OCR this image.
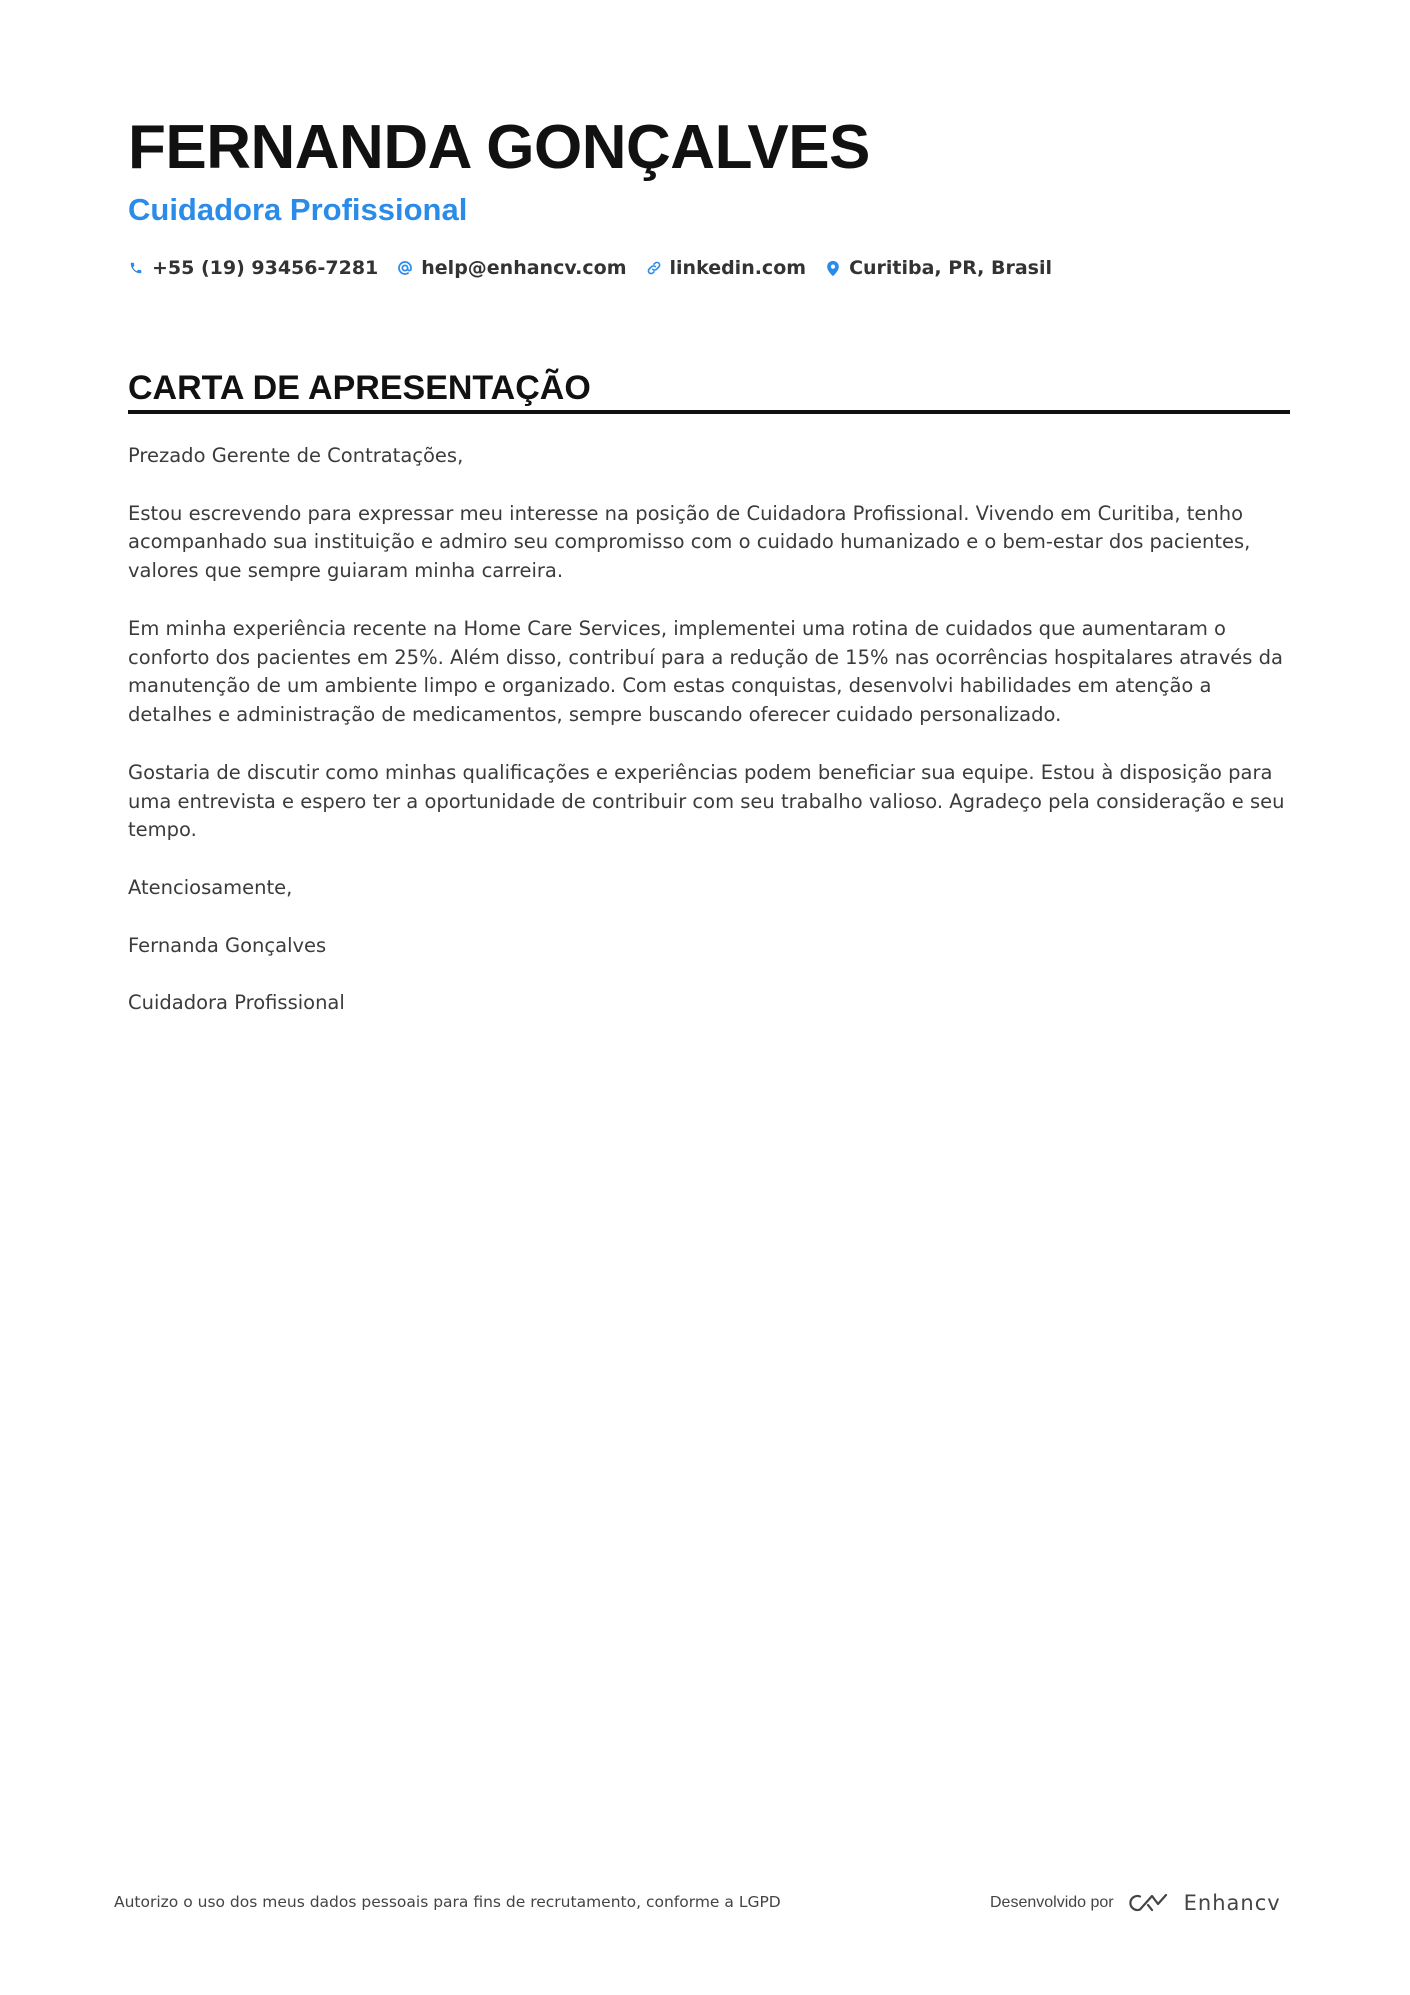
FERNANDA GONÇALVES
Cuidadora Profissional
+55 (19) 93456-7281 help@enhancv.com linkedin.com Curitiba, PR, Brasil
CARTA DE APRESENTAÇÃO

Prezado Gerente de Contratações,

Estou escrevendo para expressar meu interesse na posição de Cuidadora Profissional. Vivendo em Curitiba, tenho acompanhado sua instituição e admiro seu compromisso com o cuidado humanizado e o bem-estar dos pacientes, valores que sempre guiaram minha carreira.

Em minha experiência recente na Home Care Services, implementei uma rotina de cuidados que aumentaram o conforto dos pacientes em 25%. Além disso, contribuí para a redução de 15% nas ocorrências hospitalares através da manutenção de um ambiente limpo e organizado. Com estas conquistas, desenvolvi habilidades em atenção a detalhes e administração de medicamentos, sempre buscando oferecer cuidado personalizado.

Gostaria de discutir como minhas qualificações e experiências podem beneficiar sua equipe. Estou à disposição para uma entrevista e espero ter a oportunidade de contribuir com seu trabalho valioso. Agradeço pela consideração e seu tempo.

Atenciosamente,

Fernanda Gonçalves

Cuidadora Profissional

Autorizo o uso dos meus dados pessoais para fins de recrutamento, conforme a LGPD	Desenvolvido por	Enhancv
